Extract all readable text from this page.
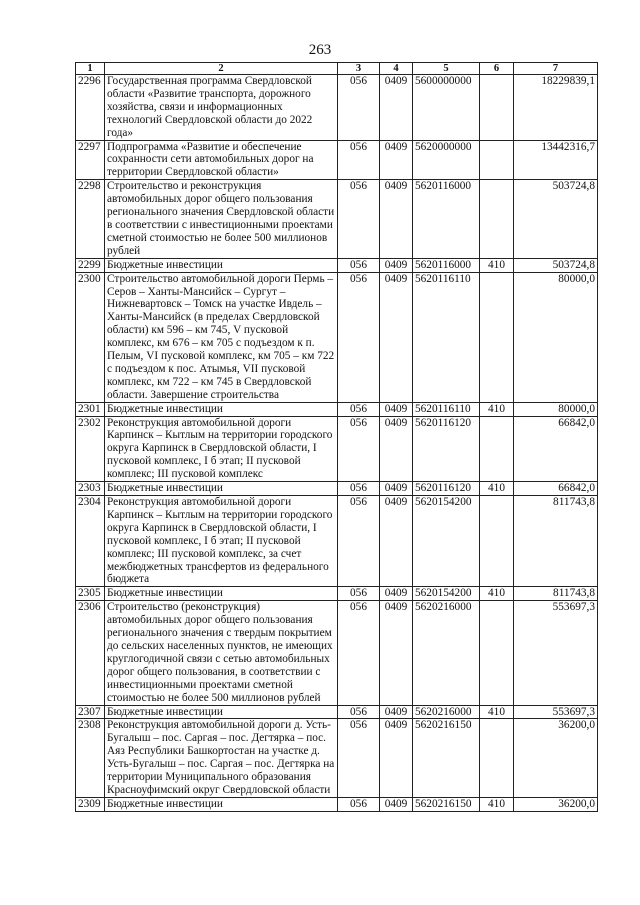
263
1	2	3	4	5	6	7
2296	Государственная программа Свердловской области «Развитие транспорта, дорожного хозяйства, связи и информационных технологий Свердловской области до 2022 года»	056	0409	5600000000		18229839,1
2297	Подпрограмма «Развитие и обеспечение сохранности сети автомобильных дорог на территории Свердловской области»	056	0409	5620000000		13442316,7
2298	Строительство и реконструкция автомобильных дорог общего пользования регионального значения Свердловской области в соответствии с инвестиционными проектами сметной стоимостью не более 500 миллионов рублей	056	0409	5620116000		503724,8
2299	Бюджетные инвестиции	056	0409	5620116000	410	503724,8
2300	Строительство автомобильной дороги Пермь – Серов – Ханты-Мансийск – Сургут – Нижневартовск – Томск на участке Ивдель – Ханты-Мансийск (в пределах Свердловской области) км 596 – км 745, V пусковой комплекс, км 676 – км 705 с подъездом к п. Пелым, VI пусковой комплекс, км 705 – км 722 с подъездом к пос. Атымья, VII пусковой комплекс, км 722 – км 745 в Свердловской области. Завершение строительства	056	0409	5620116110		80000,0
2301	Бюджетные инвестиции	056	0409	5620116110	410	80000,0
2302	Реконструкция автомобильной дороги Карпинск – Кытлым на территории городского округа Карпинск в Свердловской области, I пусковой комплекс, I б этап; II пусковой комплекс; III пусковой комплекс	056	0409	5620116120		66842,0
2303	Бюджетные инвестиции	056	0409	5620116120	410	66842,0
2304	Реконструкция автомобильной дороги Карпинск – Кытлым на территории городского округа Карпинск в Свердловской области, I пусковой комплекс, I б этап; II пусковой комплекс; III пусковой комплекс, за счет межбюджетных трансфертов из федерального бюджета	056	0409	5620154200		811743,8
2305	Бюджетные инвестиции	056	0409	5620154200	410	811743,8
2306	Строительство (реконструкция) автомобильных дорог общего пользования регионального значения с твердым покрытием до сельских населенных пунктов, не имеющих круглогодичной связи с сетью автомобильных дорог общего пользования, в соответствии с инвестиционными проектами сметной стоимостью не более 500 миллионов рублей	056	0409	5620216000		553697,3
2307	Бюджетные инвестиции	056	0409	5620216000	410	553697,3
2308	Реконструкция автомобильной дороги д. Усть-Бугалыш – пос. Саргая – пос. Дегтярка – пос. Аяз Республики Башкортостан на участке д. Усть-Бугалыш – пос. Саргая – пос. Дегтярка на территории Муниципального образования Красноуфимский округ Свердловской области	056	0409	5620216150		36200,0
2309	Бюджетные инвестиции	056	0409	5620216150	410	36200,0
